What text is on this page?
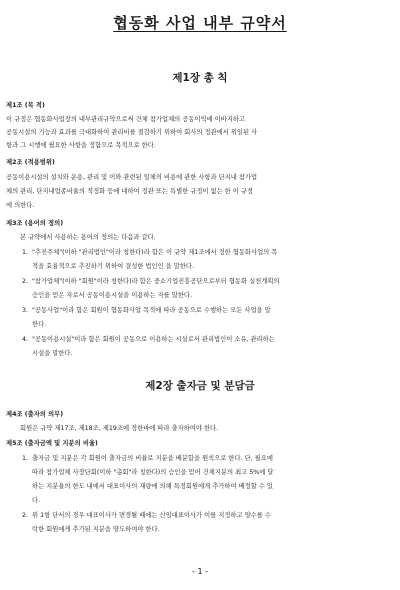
협동화 사업 내부 규약서
제1장 총 칙
제1조 (목 적)
이 규정은 협동화사업장의 내부관리규약으로써 건체 참가업체의 공동이익에 이바지하고
공동시설의 기능과 효과를 극대화하여 관리비를 절감하기 위하여 회사의 정관에서 위임된 사
항과 그 시행에 필요한 사항을 정함으로 목적으로 한다.
제2조 (적용범위)
공동이용시설의 설치와 운용, 관리 및 이와 관련된 일체의 비용에 관한 사항과 단지내 참가업
체의 관리, 단지내업종비율의 적정화 등에 대하여 정관 또는 특별한 규정이 없는 한 이 규정
에 의한다.
제3조 (용어의 정의)
본 규약에서 사용하는 용어의 정의는 다음과 같다.
1. "추진주체"(이하 "관리법인"이라 칭한다)라 함은 이 규약 제1조에서 정한 협동화사업의 목
적을 효율적으로 추진하기 위하여 결성한 법인인 을 말한다.
2. "참가업체"(이하 "회원"이라 칭한다)라 함은 중소기업진흥공단으로부터 협동화 실천계획의
승인을 얻은 자로서 공동이용시설을 이용하는 자를 말한다.
3. "공동사업"이라 함은 회원이 협동화사업 목적에 따라 공동으로 수행하는 모든 사업을 말
한다.
4. "공동이용시설"이라 함은 회원이 공동으로 이용하는 시설로서 관리법인이 소유, 관리하는
시설을 말한다.
제2장 출자금 및 분담금
제4조 (출자의 의무)
회원은 규약 제17조, 제18조, 제19조에 정한바에 따라 출자하여야 한다.
제5조 (출자금액 및 지분의 비율)
1. 출자금 및 지분은 각 회원이 출자금의 비율로 지분을 배분함을 원칙으로 한다. 단, 필요에
따라 참가업체 사장단회(이하 "총회"라 칭한다)의 승인을 얻어 건체지분의 최고 5%에 달
하는 지분율의 한도 내에서 대표이사의 재량에 의해 특정회원에게 추가하여 배정할 수 있
다.
2. 위 1항 단서의 경우 대표이사가 면경될 때에는 신임대표이사가 이를 지정하고 양수를 수
락한 회원에게 추가된 지분을 양도하여야 한다.
- 1 -
